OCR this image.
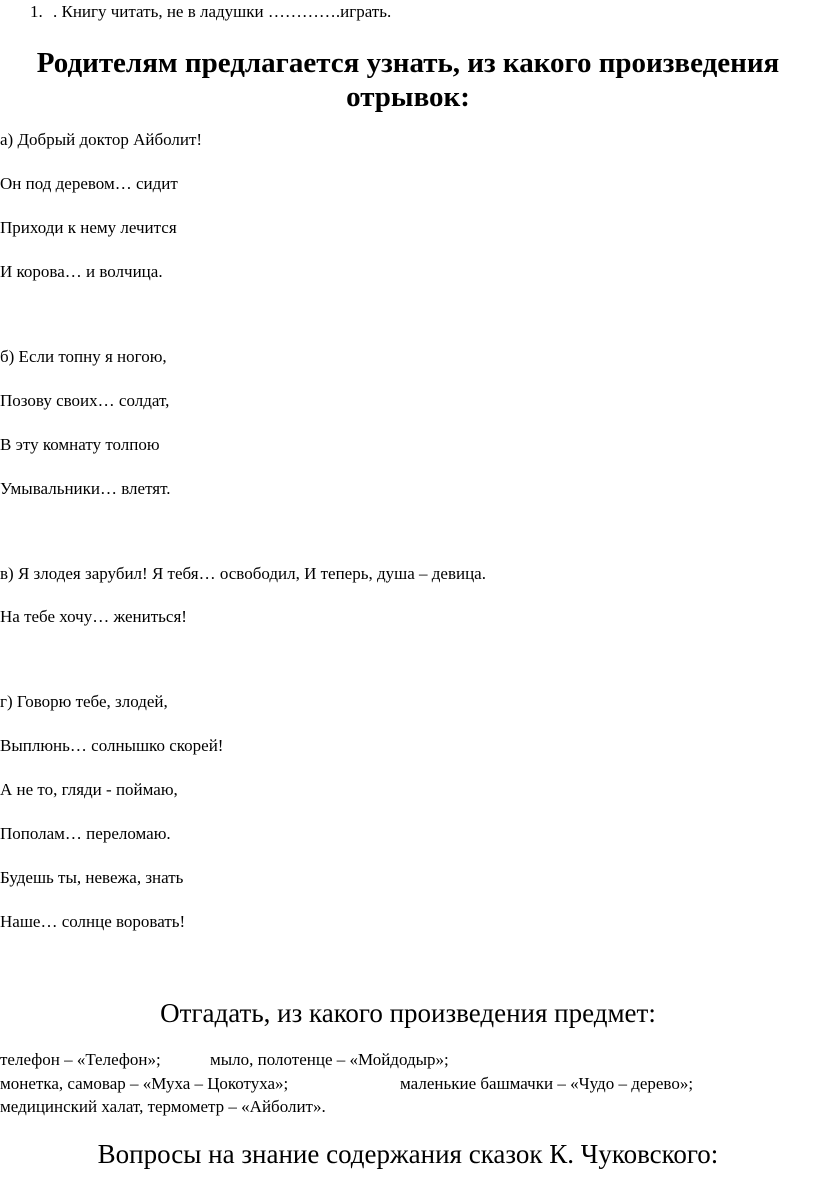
1. . Книгу читать, не в ладушки ………….играть.
Родителям предлагается узнать, из какого произведения
отрывок:
а) Добрый доктор Айболит!
Он под деревом… сидит
Приходи к нему лечится
И корова… и волчица.
б) Если топну я ногою,
Позову своих… солдат,
В эту комнату толпою
Умывальники… влетят.
в) Я злодея зарубил! Я тебя… освободил, И теперь, душа – девица.
На тебе хочу… жениться!
г) Говорю тебе, злодей,
Выплюнь… солнышко скорей!
А не то, гляди - поймаю,
Пополам… переломаю.
Будешь ты, невежа, знать
Наше… солнце воровать!
Отгадать, из какого произведения предмет:
телефон – «Телефон»;	мыло, полотенце – «Мойдодыр»;
монетка, самовар – «Муха – Цокотуха»;	маленькие башмачки – «Чудо – дерево»;
медицинский халат, термометр – «Айболит».
Вопросы на знание содержания сказок К. Чуковского:
